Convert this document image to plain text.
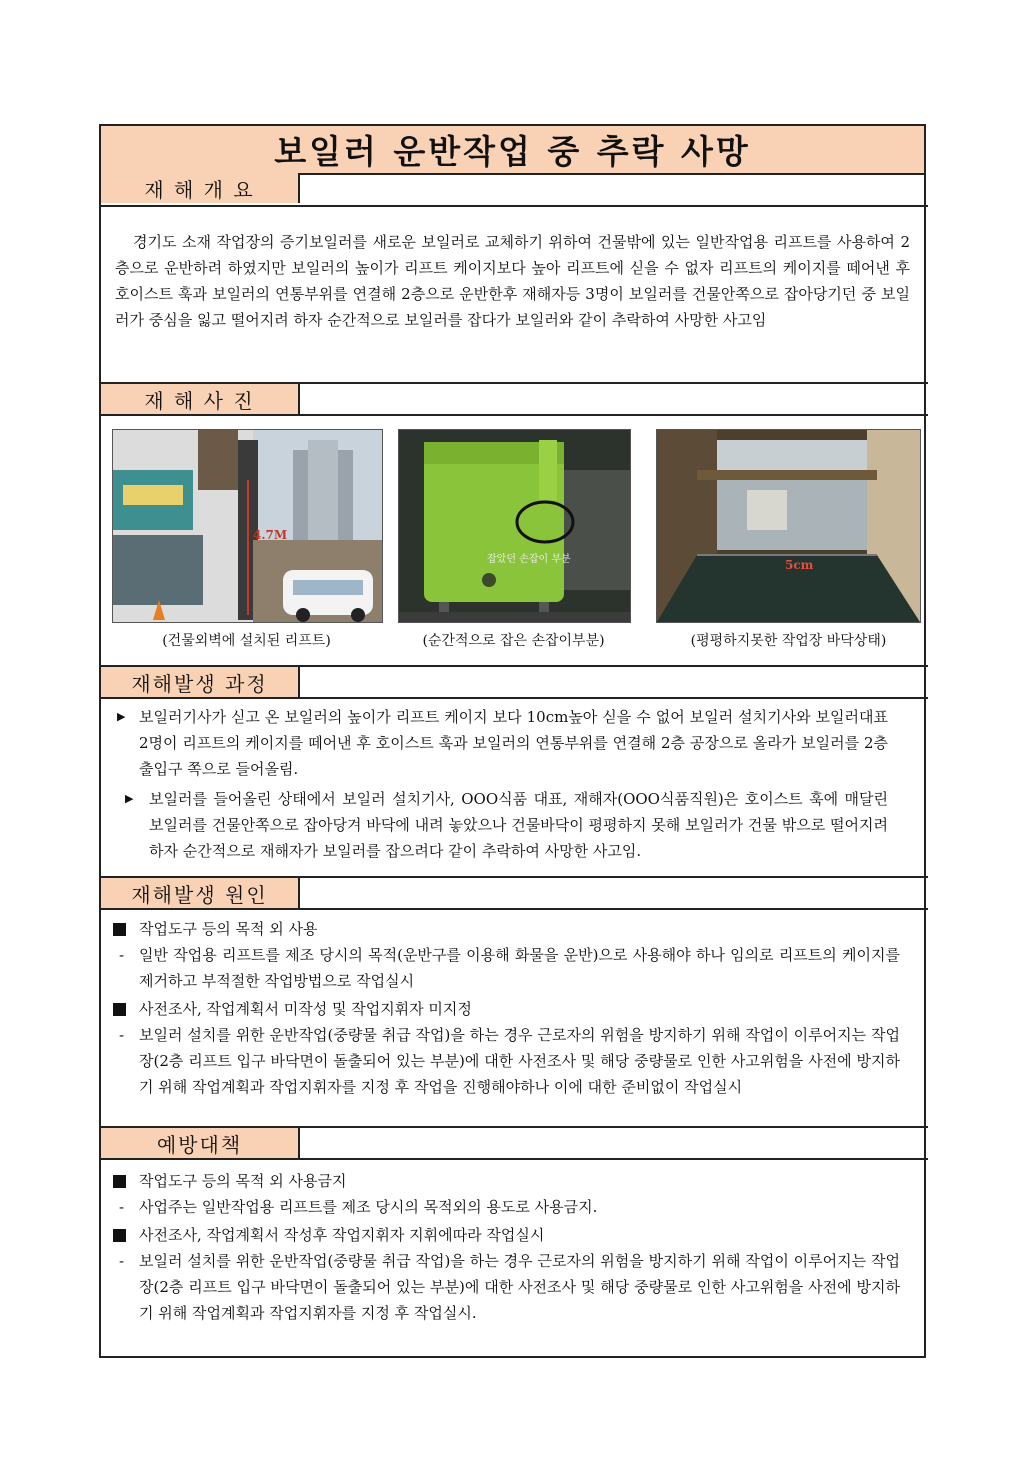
보일러 운반작업 중 추락 사망
재 해 개 요
경기도 소재 작업장의 증기보일러를 새로운 보일러로 교체하기 위하여 건물밖에 있는 일반작업용 리프트를 사용하여 2층으로 운반하려 하였지만 보일러의 높이가 리프트 케이지보다 높아 리프트에 싣을 수 없자 리프트의 케이지를 떼어낸 후 호이스트 훅과 보일러의 연통부위를 연결해 2층으로 운반한후 재해자등 3명이 보일러를 건물안쪽으로 잡아당기던 중 보일러가 중심을 잃고 떨어지려 하자 순간적으로 보일러를 잡다가 보일러와 같이 추락하여 사망한 사고임
재 해 사 진
4.7M
(건물외벽에 설치된 리프트)
잡았던 손잡이 부분
(순간적으로 잡은 손잡이부분)
5cm
(평평하지못한 작업장 바닥상태)
재해발생 과정
▶ 보일러기사가 싣고 온 보일러의 높이가 리프트 케이지 보다 10cm높아 싣을 수 없어 보일러 설치기사와 보일러대표 2명이 리프트의 케이지를 떼어낸 후 호이스트 훅과 보일러의 연통부위를 연결해 2층 공장으로 올라가 보일러를 2층 출입구 쪽으로 들어올림.
▶ 보일러를 들어올린 상태에서 보일러 설치기사, OOO식품 대표, 재해자(OOO식품직원)은 호이스트 훅에 매달린 보일러를 건물안쪽으로 잡아당겨 바닥에 내려 놓았으나 건물바닥이 평평하지 못해 보일러가 건물 밖으로 떨어지려 하자 순간적으로 재해자가 보일러를 잡으려다 같이 추락하여 사망한 사고임.
재해발생 원인
작업도구 등의 목적 외 사용
- 일반 작업용 리프트를 제조 당시의 목적(운반구를 이용해 화물을 운반)으로 사용해야 하나 임의로 리프트의 케이지를 제거하고 부적절한 작업방법으로 작업실시
사전조사, 작업계획서 미작성 및 작업지휘자 미지정
- 보일러 설치를 위한 운반작업(중량물 취급 작업)을 하는 경우 근로자의 위험을 방지하기 위해 작업이 이루어지는 작업장(2층 리프트 입구 바닥면이 돌출되어 있는 부분)에 대한 사전조사 및 해당 중량물로 인한 사고위험을 사전에 방지하기 위해 작업계획과 작업지휘자를 지정 후 작업을 진행해야하나 이에 대한 준비없이 작업실시
예방대책
작업도구 등의 목적 외 사용금지
- 사업주는 일반작업용 리프트를 제조 당시의 목적외의 용도로 사용금지.
사전조사, 작업계획서 작성후 작업지휘자 지휘에따라 작업실시
- 보일러 설치를 위한 운반작업(중량물 취급 작업)을 하는 경우 근로자의 위험을 방지하기 위해 작업이 이루어지는 작업장(2층 리프트 입구 바닥면이 돌출되어 있는 부분)에 대한 사전조사 및 해당 중량물로 인한 사고위험을 사전에 방지하기 위해 작업계획과 작업지휘자를 지정 후 작업실시.
